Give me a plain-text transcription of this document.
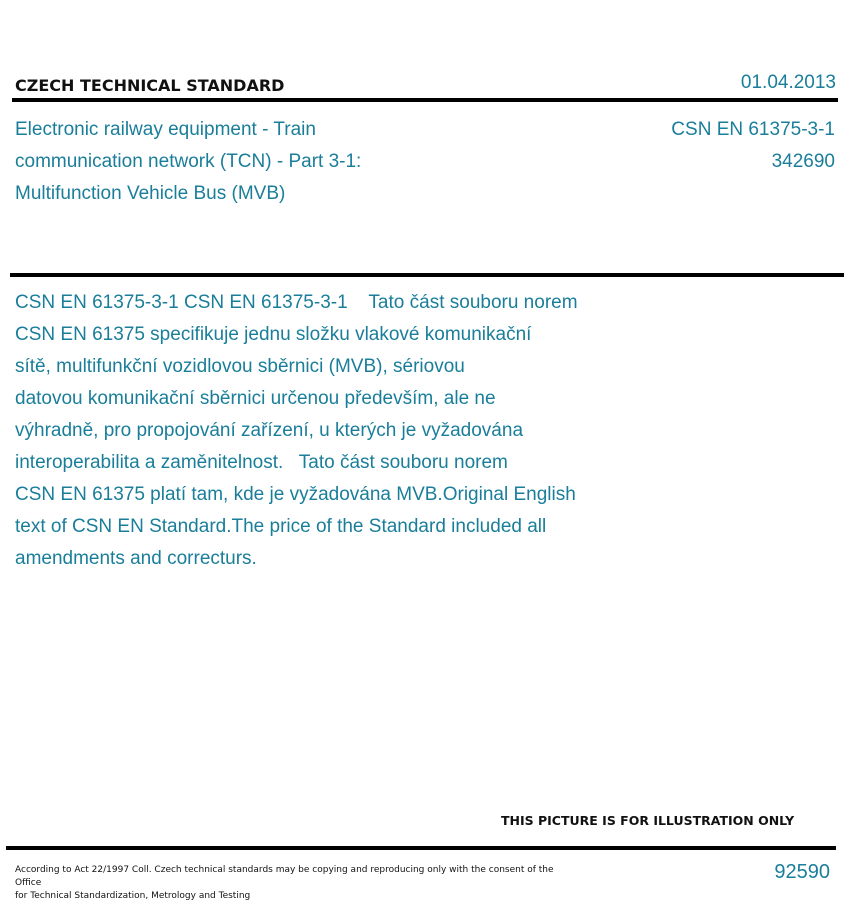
CZECH TECHNICAL STANDARD	01.04.2013
Electronic railway equipment - Train
communication network (TCN) - Part 3-1:
Multifunction Vehicle Bus (MVB)
CSN EN 61375-3-1
342690
CSN EN 61375-3-1 CSN EN 61375-3-1    Tato část souboru norem
CSN EN 61375 specifikuje jednu složku vlakové komunikační
sítě, multifunkční vozidlovou sběrnici (MVB), sériovou
datovou komunikační sběrnici určenou především, ale ne
výhradně, pro propojování zařízení, u kterých je vyžadována
interoperabilita a zaměnitelnost.   Tato část souboru norem
CSN EN 61375 platí tam, kde je vyžadována MVB.Original English
text of CSN EN Standard.The price of the Standard included all
amendments and correcturs.
THIS PICTURE IS FOR ILLUSTRATION ONLY
According to Act 22/1997 Coll. Czech technical standards may be copying and reproducing only with the consent of the Office
for Technical Standardization, Metrology and Testing
92590
